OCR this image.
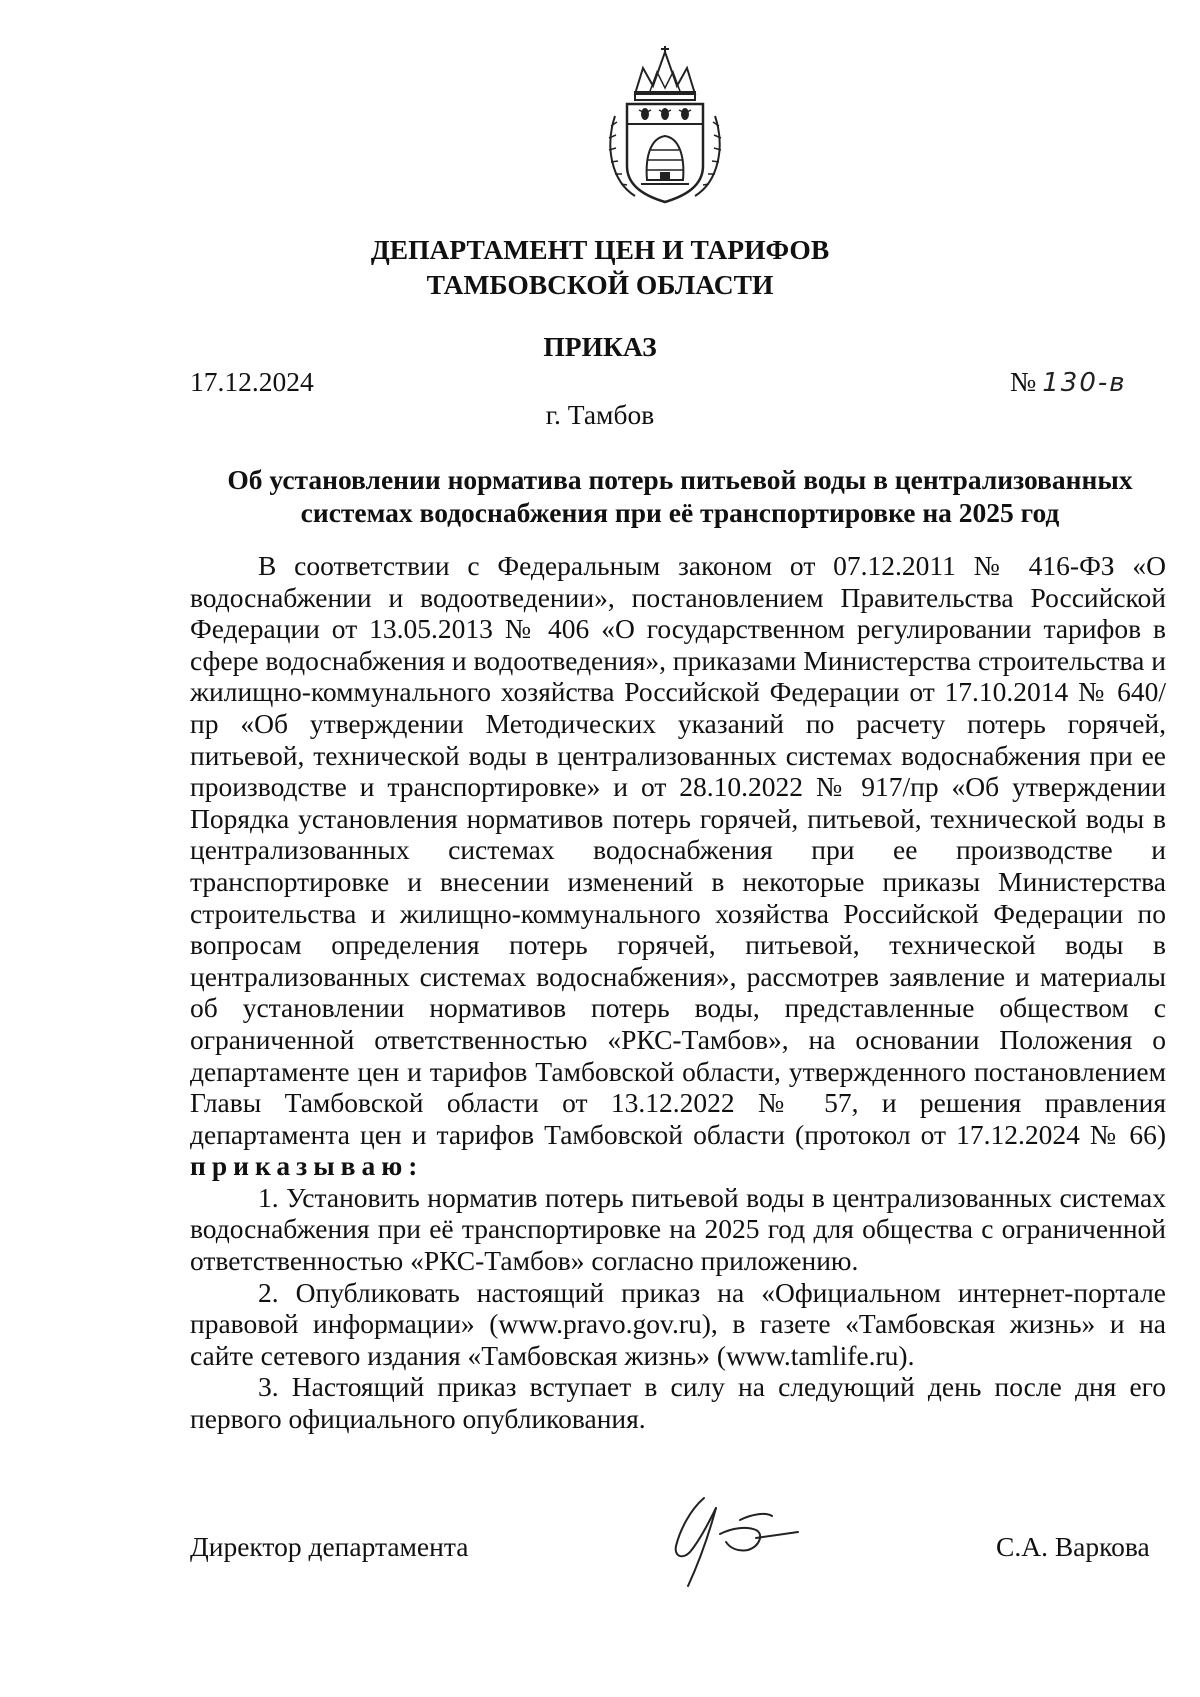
ДЕПАРТАМЕНТ ЦЕН И ТАРИФОВ
ТАМБОВСКОЙ ОБЛАСТИ
ПРИКАЗ
17.12.2024	№ 130-в
г. Тамбов
Об установлении норматива потерь питьевой воды в централизованных
системах водоснабжения при её транспортировке на 2025 год

В соответствии с Федеральным законом от 07.12.2011 № 416-ФЗ «О водоснабжении и водоотведении», постановлением Правительства Российской Федерации от 13.05.2013 № 406 «О государственном регулировании тарифов в сфере водоснабжения и водоотведения», приказами Министерства строительства и жилищно-коммунального хозяйства Российской Федерации от 17.10.2014 № 640/пр «Об утверждении Методических указаний по расчету потерь горячей, питьевой, технической воды в централизованных системах водоснабжения при ее производстве и транспортировке» и от 28.10.2022 № 917/пр «Об утверждении Порядка установления нормативов потерь горячей, питьевой, технической воды в централизованных системах водоснабжения при ее производстве и транспортировке и внесении изменений в некоторые приказы Министерства строительства и жилищно-коммунального хозяйства Российской Федерации по вопросам определения потерь горячей, питьевой, технической воды в централизованных системах водоснабжения», рассмотрев заявление и материалы об установлении нормативов потерь воды, представленные обществом с ограниченной ответственностью «РКС-Тамбов», на основании Положения о департаменте цен и тарифов Тамбовской области, утвержденного постановлением Главы Тамбовской области от 13.12.2022 № 57, и решения правления департамента цен и тарифов Тамбовской области (протокол от 17.12.2024 № 66) приказываю:

1. Установить норматив потерь питьевой воды в централизованных системах водоснабжения при её транспортировке на 2025 год для общества с ограниченной ответственностью «РКС-Тамбов» согласно приложению.

2. Опубликовать настоящий приказ на «Официальном интернет-портале правовой информации» (www.pravo.gov.ru), в газете «Тамбовская жизнь» и на сайте сетевого издания «Тамбовская жизнь» (www.tamlife.ru).

3. Настоящий приказ вступает в силу на следующий день после дня его первого официального опубликования.

Директор департамента	С.А. Варкова
